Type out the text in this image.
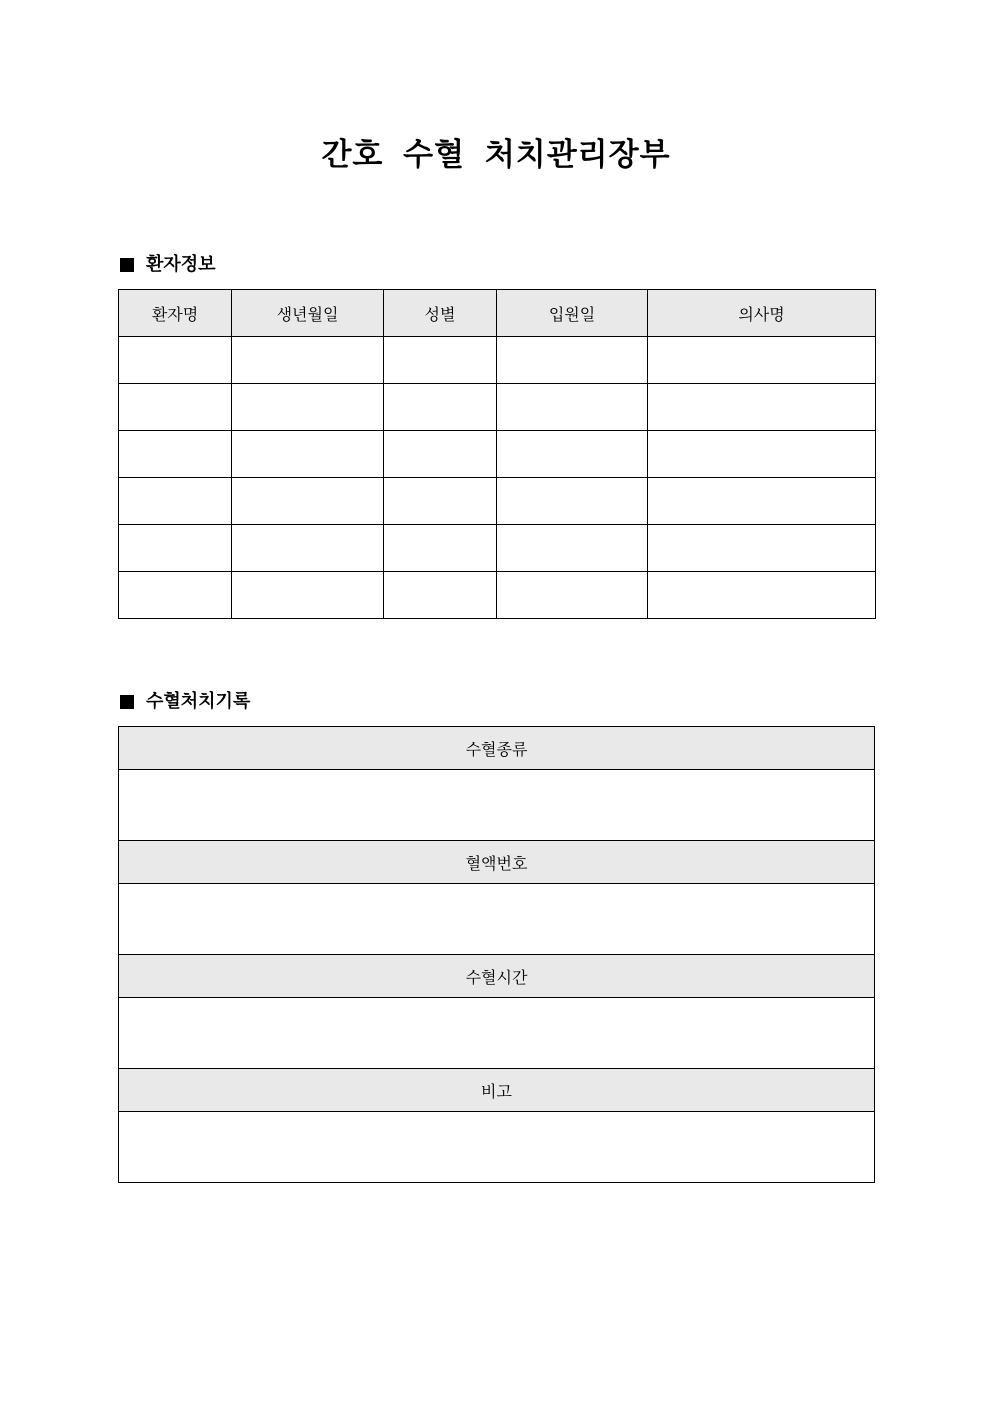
간호 수혈 처치관리장부
환자정보
환자명	생년월일	성별	입원일	의사명

수혈처치기록
수혈종류

혈액번호

수혈시간

비고
